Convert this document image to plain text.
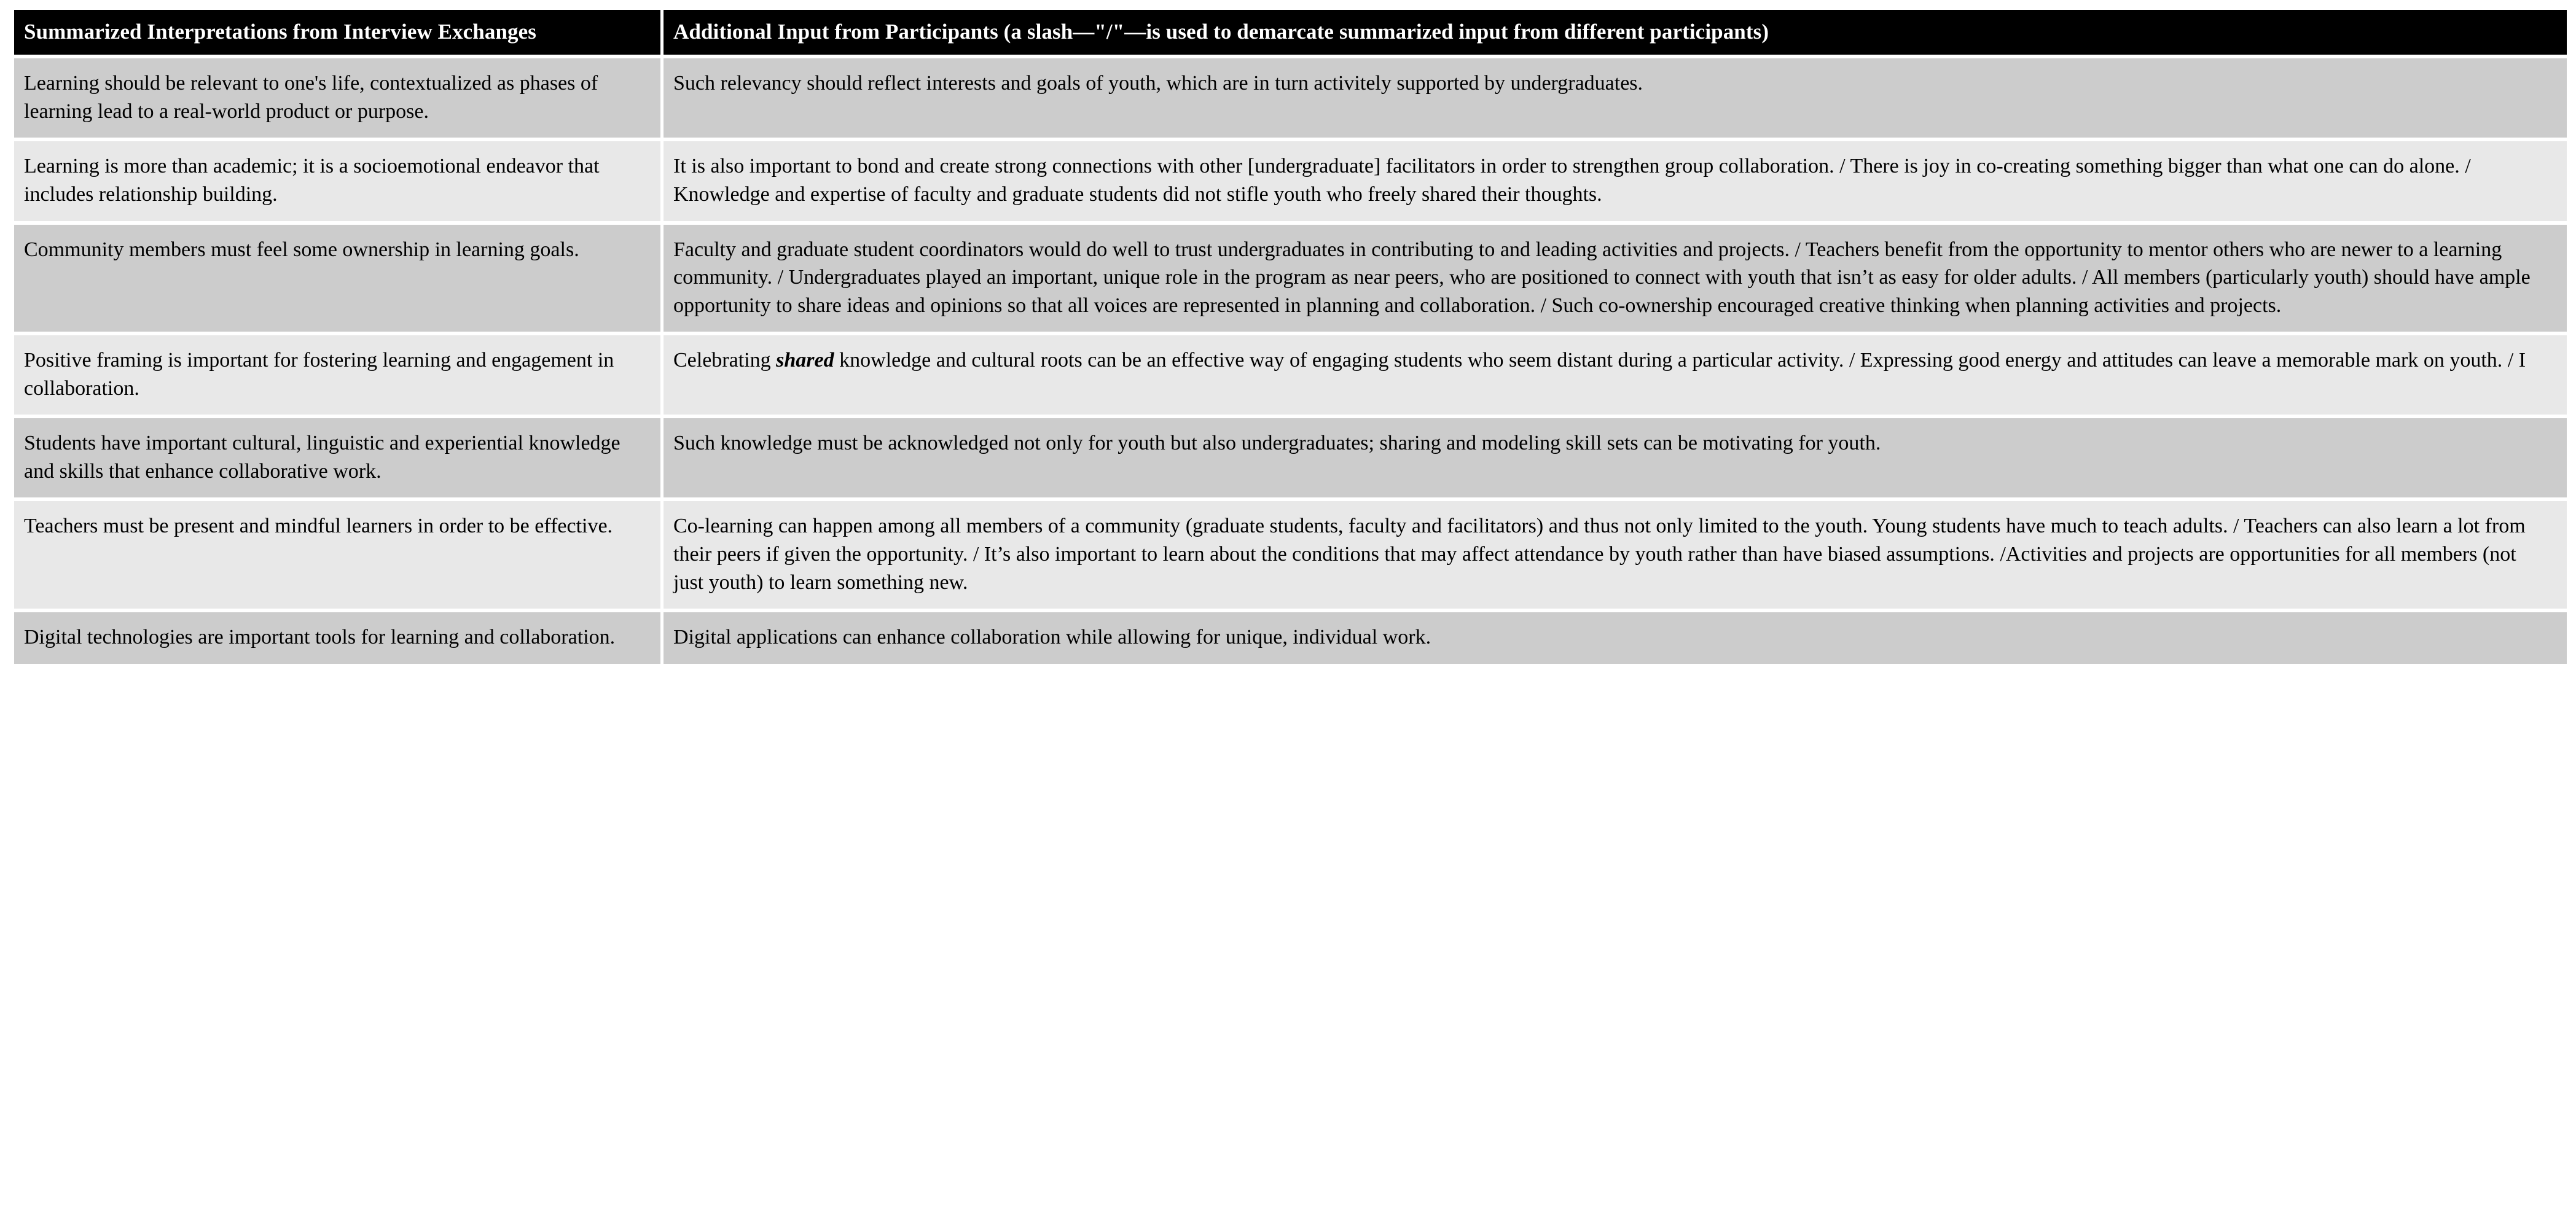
Summarized Interpretations from Interview Exchanges	Additional Input from Participants (a slash—"/"—is used to demarcate summarized input from different participants)
Learning should be relevant to one's life, contextualized as phases of learning lead to a real-world product or purpose.	Such relevancy should reflect interests and goals of youth, which are in turn activitely supported by undergraduates.
Learning is more than academic; it is a socioemotional endeavor that includes relationship building.	It is also important to bond and create strong connections with other [undergraduate] facilitators in order to strengthen group collaboration. / There is joy in co-creating something bigger than what one can do alone. / Knowledge and expertise of faculty and graduate students did not stifle youth who freely shared their thoughts.
Community members must feel some ownership in learning goals.	Faculty and graduate student coordinators would do well to trust undergraduates in contributing to and leading activities and projects. / Teachers benefit from the opportunity to mentor others who are newer to a learning community. / Undergraduates played an important, unique role in the program as near peers, who are positioned to connect with youth that isn’t as easy for older adults. / All members (particularly youth) should have ample opportunity to share ideas and opinions so that all voices are represented in planning and collaboration. / Such co-ownership encouraged creative thinking when planning activities and projects.
Positive framing is important for fostering learning and engagement in collaboration.	Celebrating shared knowledge and cultural roots can be an effective way of engaging students who seem distant during a particular activity. / Expressing good energy and attitudes can leave a memorable mark on youth. / I
Students have important cultural, linguistic and experiential knowledge and skills that enhance collaborative work.	Such knowledge must be acknowledged not only for youth but also undergraduates; sharing and modeling skill sets can be motivating for youth.
Teachers must be present and mindful learners in order to be effective.	Co-learning can happen among all members of a community (graduate students, faculty and facilitators) and thus not only limited to the youth. Young students have much to teach adults. / Teachers can also learn a lot from their peers if given the opportunity. / It’s also important to learn about the conditions that may affect attendance by youth rather than have biased assumptions. /Activities and projects are opportunities for all members (not just youth) to learn something new.
Digital technologies are important tools for learning and collaboration.	Digital applications can enhance collaboration while allowing for unique, individual work.
